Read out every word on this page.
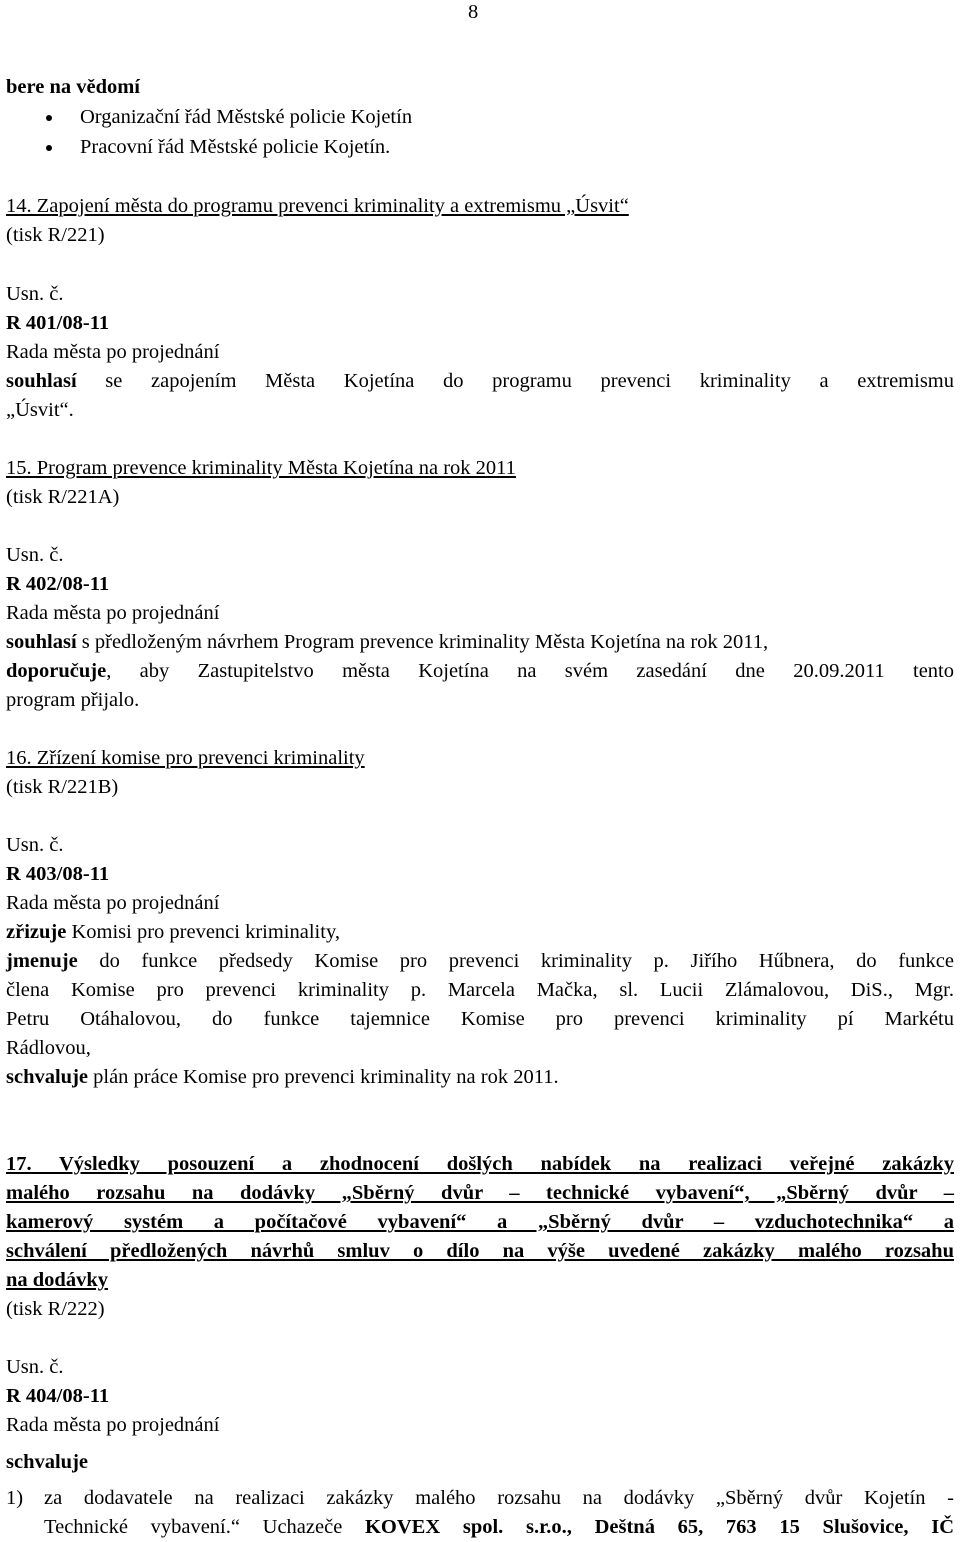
8
bere na vědomí
Organizační řád Městské policie Kojetín
Pracovní řád Městské policie Kojetín.
14. Zapojení města do programu prevenci kriminality a extremismu „Úsvit“
(tisk R/221)
Usn. č.
R 401/08-11
Rada města po projednání
souhlasí se zapojením Města Kojetína do programu prevenci kriminality a extremismu
„Úsvit“.
15. Program prevence kriminality Města Kojetína na rok 2011
(tisk R/221A)
Usn. č.
R 402/08-11
Rada města po projednání
souhlasí s předloženým návrhem Program prevence kriminality Města Kojetína na rok 2011,
doporučuje, aby Zastupitelstvo města Kojetína na svém zasedání dne 20.09.2011 tento
program přijalo.
16. Zřízení komise pro prevenci kriminality
(tisk R/221B)
Usn. č.
R 403/08-11
Rada města po projednání
zřizuje Komisi pro prevenci kriminality,
jmenuje do funkce předsedy Komise pro prevenci kriminality p. Jiřího Hűbnera, do funkce
člena Komise pro prevenci kriminality p. Marcela Mačka, sl. Lucii Zlámalovou, DiS., Mgr.
Petru Otáhalovou, do funkce tajemnice Komise pro prevenci kriminality pí Markétu
Rádlovou,
schvaluje plán práce Komise pro prevenci kriminality na rok 2011.
17. Výsledky posouzení a zhodnocení došlých nabídek na realizaci veřejné zakázky
malého rozsahu na dodávky „Sběrný dvůr – technické vybavení“, „Sběrný dvůr –
kamerový systém a počítačové vybavení“ a „Sběrný dvůr – vzduchotechnika“ a
schválení předložených návrhů smluv o dílo na výše uvedené zakázky malého rozsahu
na dodávky
(tisk R/222)
Usn. č.
R 404/08-11
Rada města po projednání
schvaluje
1) za dodavatele na realizaci zakázky malého rozsahu na dodávky „Sběrný dvůr Kojetín -
Technické vybavení.“ Uchazeče KOVEX spol. s.r.o., Deštná 65, 763 15 Slušovice, IČ
